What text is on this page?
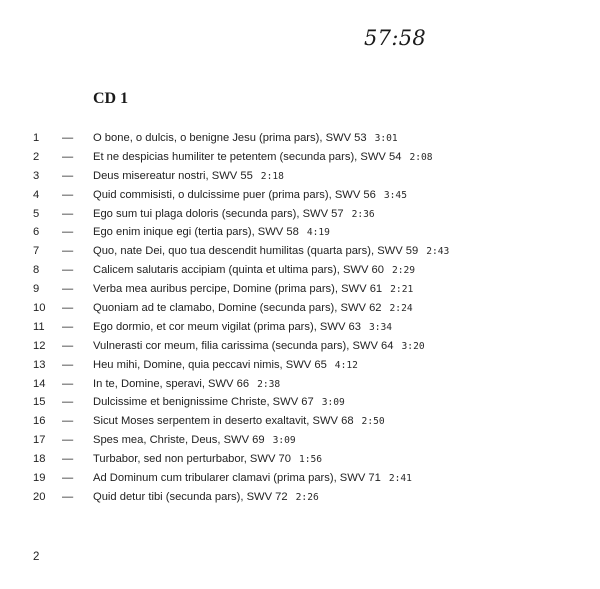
57:58
CD 1
1 — O bone, o dulcis, o benigne Jesu (prima pars), SWV 53 3:01
2 — Et ne despicias humiliter te petentem (secunda pars), SWV 54 2:08
3 — Deus misereatur nostri, SWV 55 2:18
4 — Quid commisisti, o dulcissime puer (prima pars), SWV 56 3:45
5 — Ego sum tui plaga doloris (secunda pars), SWV 57 2:36
6 — Ego enim inique egi (tertia pars), SWV 58 4:19
7 — Quo, nate Dei, quo tua descendit humilitas (quarta pars), SWV 59 2:43
8 — Calicem salutaris accipiam (quinta et ultima pars), SWV 60 2:29
9 — Verba mea auribus percipe, Domine (prima pars), SWV 61 2:21
10 — Quoniam ad te clamabo, Domine (secunda pars), SWV 62 2:24
11 — Ego dormio, et cor meum vigilat (prima pars), SWV 63 3:34
12 — Vulnerasti cor meum, filia carissima (secunda pars), SWV 64 3:20
13 — Heu mihi, Domine, quia peccavi nimis, SWV 65 4:12
14 — In te, Domine, speravi, SWV 66 2:38
15 — Dulcissime et benignissime Christe, SWV 67 3:09
16 — Sicut Moses serpentem in deserto exaltavit, SWV 68 2:50
17 — Spes mea, Christe, Deus, SWV 69 3:09
18 — Turbabor, sed non perturbabor, SWV 70 1:56
19 — Ad Dominum cum tribularer clamavi (prima pars), SWV 71 2:41
20 — Quid detur tibi (secunda pars), SWV 72 2:26
2
